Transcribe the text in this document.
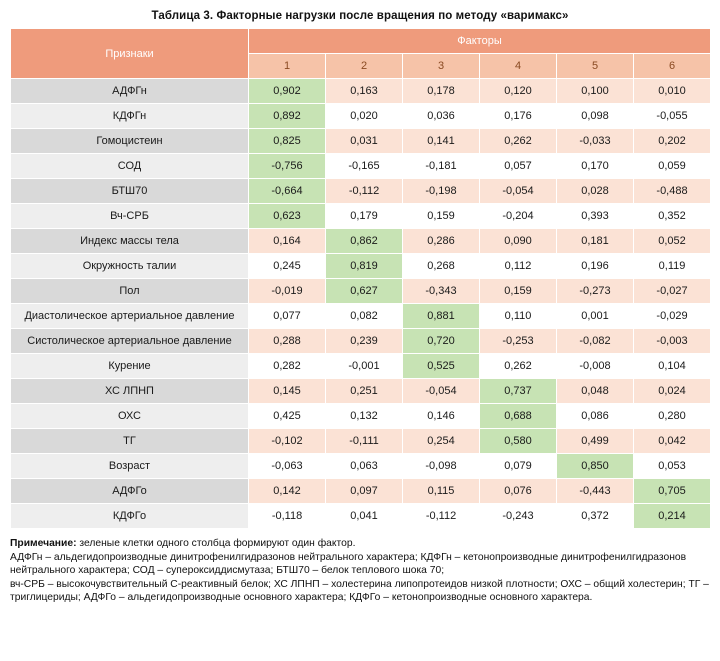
Таблица 3. Факторные нагрузки после вращения по методу «варимакс»
Признаки	Факторы					
	1	2	3	4	5	6
АДФГн	0,902	0,163	0,178	0,120	0,100	0,010
КДФГн	0,892	0,020	0,036	0,176	0,098	-0,055
Гомоцистеин	0,825	0,031	0,141	0,262	-0,033	0,202
СОД	-0,756	-0,165	-0,181	0,057	0,170	0,059
БТШ70	-0,664	-0,112	-0,198	-0,054	0,028	-0,488
Вч-СРБ	0,623	0,179	0,159	-0,204	0,393	0,352
Индекс массы тела	0,164	0,862	0,286	0,090	0,181	0,052
Окружность талии	0,245	0,819	0,268	0,112	0,196	0,119
Пол	-0,019	0,627	-0,343	0,159	-0,273	-0,027
Диастолическое артериальное давление	0,077	0,082	0,881	0,110	0,001	-0,029
Систолическое артериальное давление	0,288	0,239	0,720	-0,253	-0,082	-0,003
Курение	0,282	-0,001	0,525	0,262	-0,008	0,104
ХС ЛПНП	0,145	0,251	-0,054	0,737	0,048	0,024
ОХС	0,425	0,132	0,146	0,688	0,086	0,280
ТГ	-0,102	-0,111	0,254	0,580	0,499	0,042
Возраст	-0,063	0,063	-0,098	0,079	0,850	0,053
АДФГо	0,142	0,097	0,115	0,076	-0,443	0,705
КДФГо	-0,118	0,041	-0,112	-0,243	0,372	0,214

Примечание: зеленые клетки одного столбца формируют один фактор.

АДФГн – альдегидопроизводные динитрофенилгидразонов нейтрального характера; КДФГн – кетонопроизводные динитрофенилгидразонов нейтрального характера; СОД – супероксиддисмутаза; БТШ70 – белок теплового шока 70;

вч-СРБ – высокочувствительный С-реактивный белок; ХС ЛПНП – холестерина липопротеидов низкой плотности; ОХС – общий холестерин; ТГ – триглицериды; АДФГо – альдегидопроизводные основного характера; КДФГо – кетонопроизводные основного характера.
